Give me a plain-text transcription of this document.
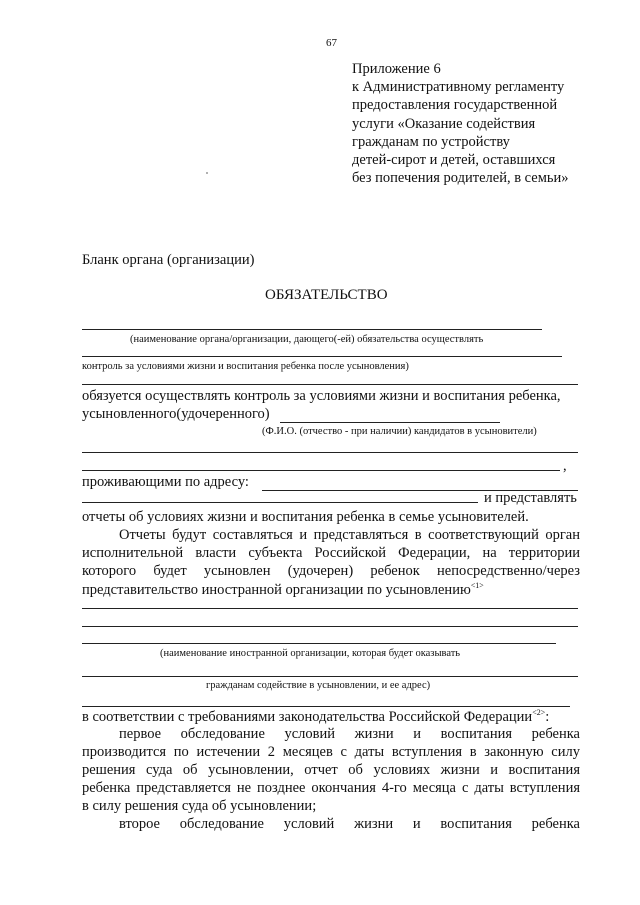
67
Приложение 6
к Административному регламенту
предоставления государственной
услуги «Оказание содействия
гражданам по устройству
детей-сирот и детей, оставшихся
без попечения родителей, в семьи»
Бланк органа (организации)
ОБЯЗАТЕЛЬСТВО
(наименование органа/организации, дающего(-ей) обязательства осуществлять
контроль за условиями жизни и воспитания ребенка после усыновления)
обязуется осуществлять контроль за условиями жизни и воспитания ребенка,
усыновленного(удочеренного)
(Ф.И.О. (отчество - при наличии) кандидатов в усыновители)
,
проживающими по адресу:
и представлять
отчеты об условиях жизни и воспитания ребенка в семье усыновителей.
Отчеты будут составляться и представляться в соответствующий орган
исполнительной власти субъекта Российской Федерации, на территории
которого будет усыновлен (удочерен) ребенок непосредственно/через
представительство иностранной организации по усыновлению$^{<1>}$
(наименование иностранной организации, которая будет оказывать
гражданам содействие в усыновлении, и ее адрес)
в соответствии с требованиями законодательства Российской Федерации$^{<2>}$:
первое обследование условий жизни и воспитания ребенка
производится по истечении 2 месяцев с даты вступления в законную силу
решения суда об усыновлении, отчет об условиях жизни и воспитания
ребенка представляется не позднее окончания 4-го месяца с даты вступления
в силу решения суда об усыновлении;
второе обследование условий жизни и воспитания ребенка
